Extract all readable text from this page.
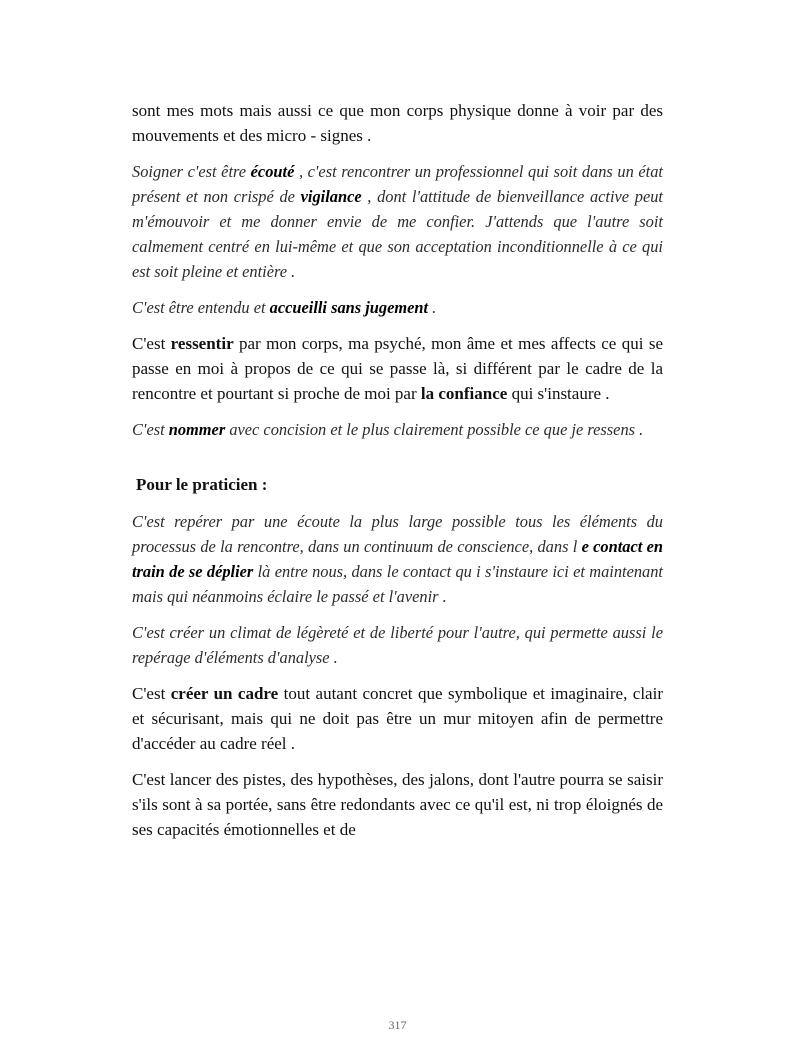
sont mes mots mais aussi ce que mon corps physique donne à voir par des mouvements et des micro - signes .

Soigner c'est être écouté , c'est rencontrer un professionnel qui soit dans un état présent et non crispé de vigilance , dont l'attitude de bienveillance active peut m'émouvoir et me donner envie de me confier. J'attends que l'autre soit calmement centré en lui-même et que son acceptation inconditionnelle à ce qui est soit pleine et entière .

C'est être entendu et accueilli sans jugement .

C'est ressentir par mon corps, ma psyché, mon âme et mes affects ce qui se passe en moi à propos de ce qui se passe là, si différent par le cadre de la rencontre et pourtant si proche de moi par la confiance qui s'instaure .

C'est nommer avec concision et le plus clairement possible ce que je ressens .

Pour le praticien :

C'est repérer par une écoute la plus large possible tous les éléments du processus de la rencontre, dans un continuum de conscience, dans l e contact en train de se déplier là entre nous, dans le contact qu i s'instaure ici et maintenant mais qui néanmoins éclaire le passé et l'avenir .

C'est créer un climat de légèreté et de liberté pour l'autre, qui permette aussi le repérage d'éléments d'analyse .

C'est créer un cadre tout autant concret que symbolique et imaginaire, clair et sécurisant, mais qui ne doit pas être un mur mitoyen afin de permettre d'accéder au cadre réel .

C'est lancer des pistes, des hypothèses, des jalons, dont l'autre pourra se saisir s'ils sont à sa portée, sans être redondants avec ce qu'il est, ni trop éloignés de ses capacités émotionnelles et de

317
